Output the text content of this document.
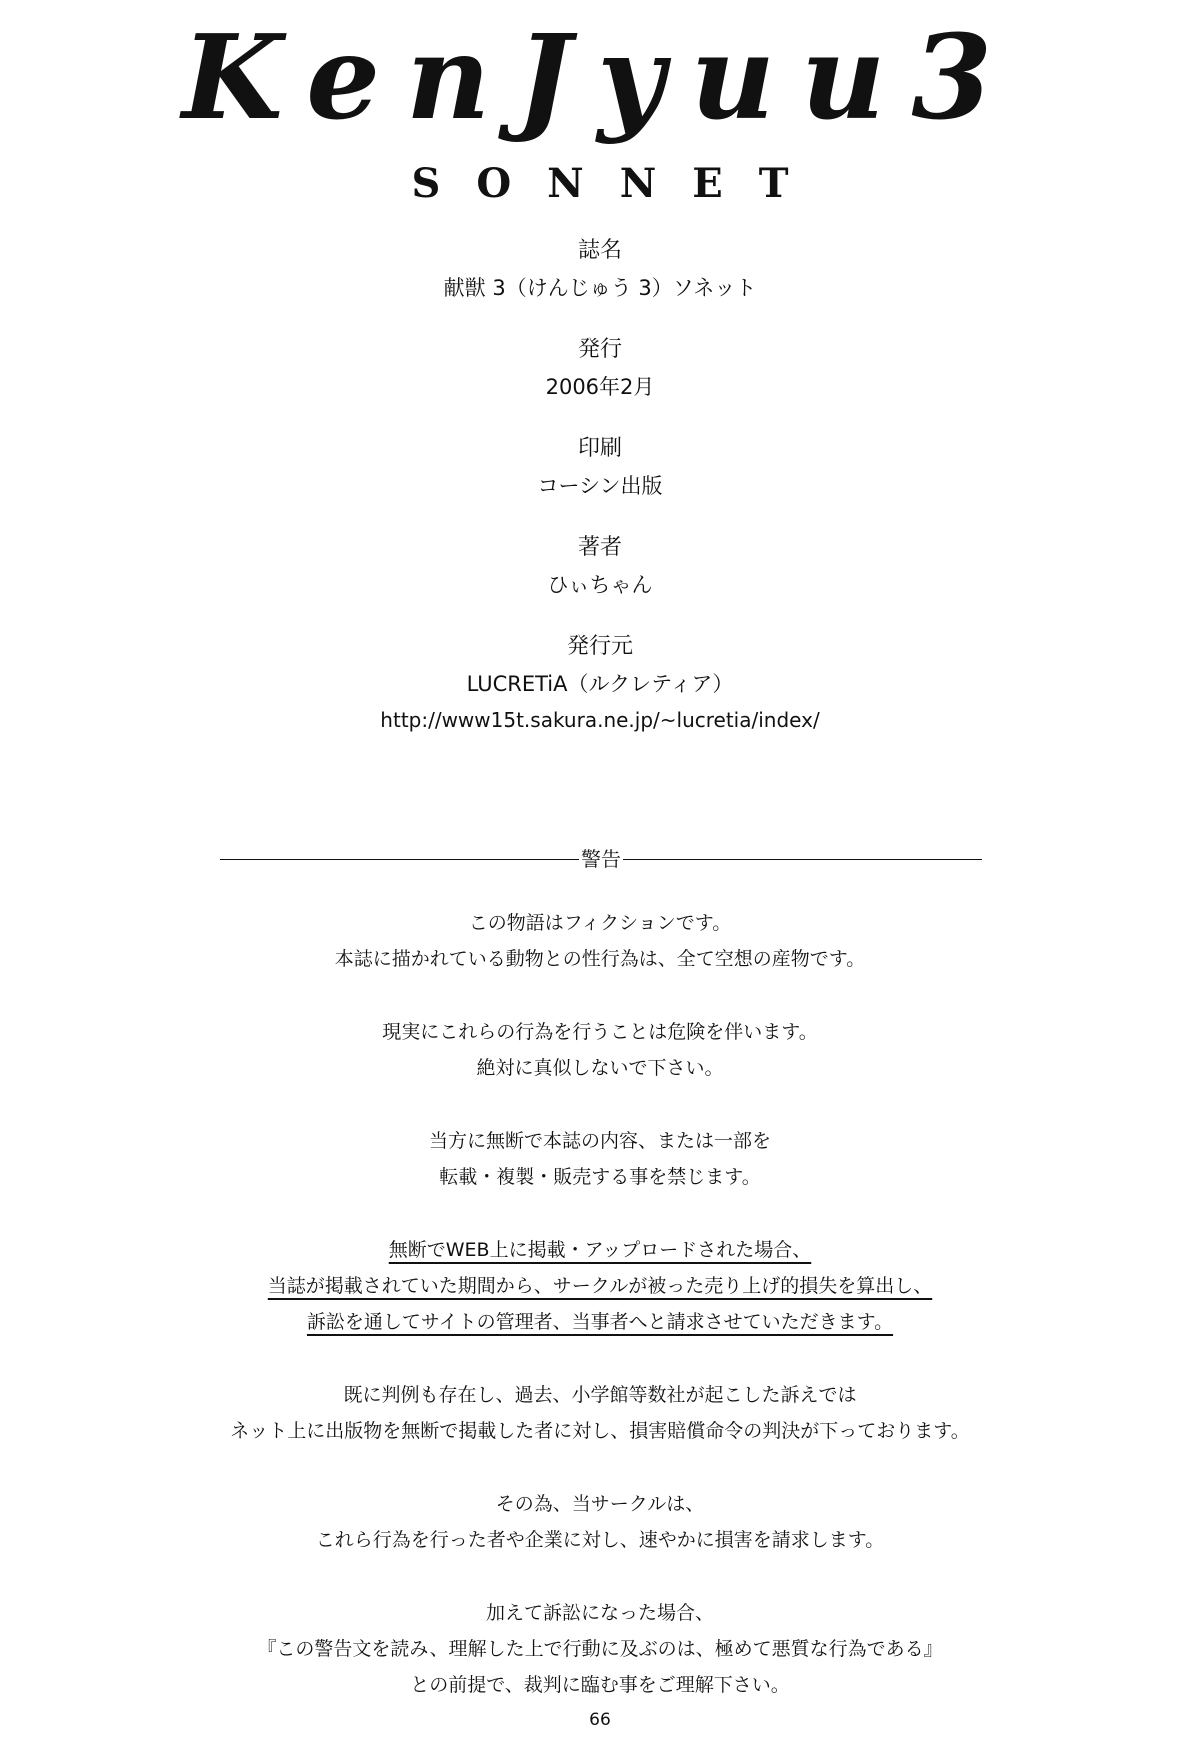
KenJyuu3
SONNET
誌名
献獣 3（けんじゅう 3）ソネット
発行
2006年2月
印刷
コーシン出版
著者
ひぃちゃん
発行元
LUCRETiA（ルクレティア）
http://www15t.sakura.ne.jp/~lucretia/index/
警告
この物語はフィクションです。
本誌に描かれている動物との性行為は、全て空想の産物です。
現実にこれらの行為を行うことは危険を伴います。
絶対に真似しないで下さい。
当方に無断で本誌の内容、または一部を
転載・複製・販売する事を禁じます。
無断でWEB上に掲載・アップロードされた場合、
当誌が掲載されていた期間から、サークルが被った売り上げ的損失を算出し、
訴訟を通してサイトの管理者、当事者へと請求させていただきます。
既に判例も存在し、過去、小学館等数社が起こした訴えでは
ネット上に出版物を無断で掲載した者に対し、損害賠償命令の判決が下っております。
その為、当サークルは、
これら行為を行った者や企業に対し、速やかに損害を請求します。
加えて訴訟になった場合、
『この警告文を読み、理解した上で行動に及ぶのは、極めて悪質な行為である』
との前提で、裁判に臨む事をご理解下さい。
66
